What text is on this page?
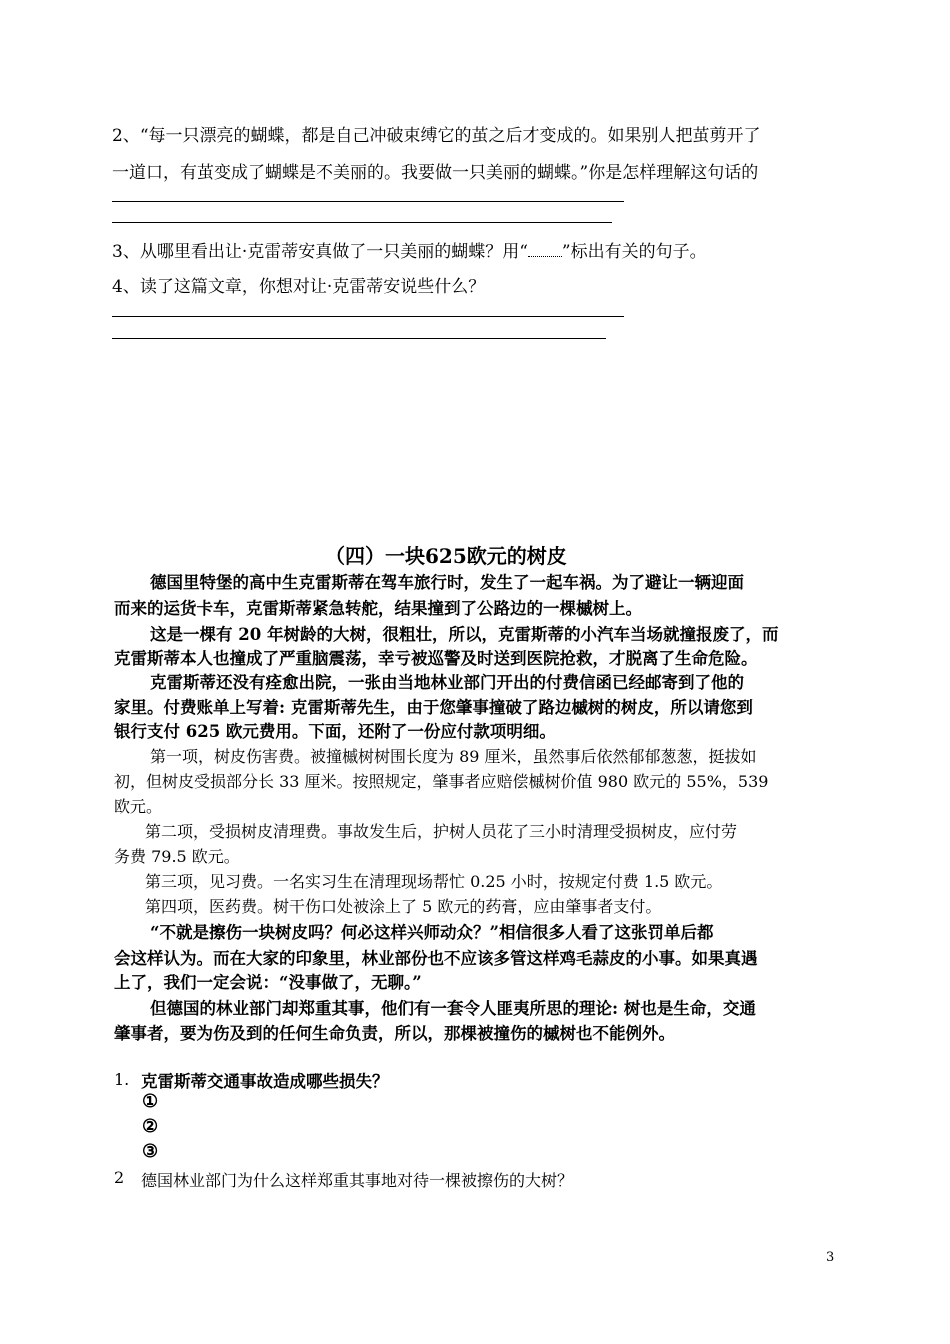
2、“每一只漂亮的蝴蝶，都是自己冲破束缚它的茧之后才变成的。如果别人把茧剪开了
一道口，有茧变成了蝴蝶是不美丽的。我要做一只美丽的蝴蝶。”你是怎样理解这句话的
3、从哪里看出让·克雷蒂安真做了一只美丽的蝴蝶？用“ ”标出有关的句子。
4、读了这篇文章，你想对让·克雷蒂安说些什么？
（四）一块625欧元的树皮
德国里特堡的高中生克雷斯蒂在驾车旅行时，发生了一起车祸。为了避让一辆迎面
而来的运货卡车，克雷斯蒂紧急转舵，结果撞到了公路边的一棵槭树上。
这是一棵有 20 年树龄的大树，很粗壮，所以，克雷斯蒂的小汽车当场就撞报废了，而
克雷斯蒂本人也撞成了严重脑震荡，幸亏被巡警及时送到医院抢救，才脱离了生命危险。
克雷斯蒂还没有痊愈出院，一张由当地林业部门开出的付费信函已经邮寄到了他的
家里。付费账单上写着: 克雷斯蒂先生，由于您肇事撞破了路边槭树的树皮，所以请您到
银行支付 625 欧元费用。下面，还附了一份应付款项明细。
第一项，树皮伤害费。被撞槭树树围长度为 89 厘米，虽然事后依然郁郁葱葱，挺拔如
初，但树皮受损部分长 33 厘米。按照规定，肇事者应赔偿槭树价值 980 欧元的 55%，539
欧元。
第二项，受损树皮清理费。事故发生后，护树人员花了三小时清理受损树皮，应付劳
务费 79.5 欧元。
第三项，见习费。一名实习生在清理现场帮忙 0.25 小时，按规定付费 1.5 欧元。
第四项，医药费。树干伤口处被涂上了 5 欧元的药膏，应由肇事者支付。
“不就是擦伤一块树皮吗？何必这样兴师动众？”相信很多人看了这张罚单后都
会这样认为。而在大家的印象里，林业部份也不应该多管这样鸡毛蒜皮的小事。如果真遇
上了，我们一定会说：“没事做了，无聊。”
但德国的林业部门却郑重其事，他们有一套令人匪夷所思的理论: 树也是生命，交通
肇事者，要为伤及到的任何生命负责，所以，那棵被撞伤的槭树也不能例外。
1. 克雷斯蒂交通事故造成哪些损失？
①
②
③
2 德国林业部门为什么这样郑重其事地对待一棵被擦伤的大树？
3
